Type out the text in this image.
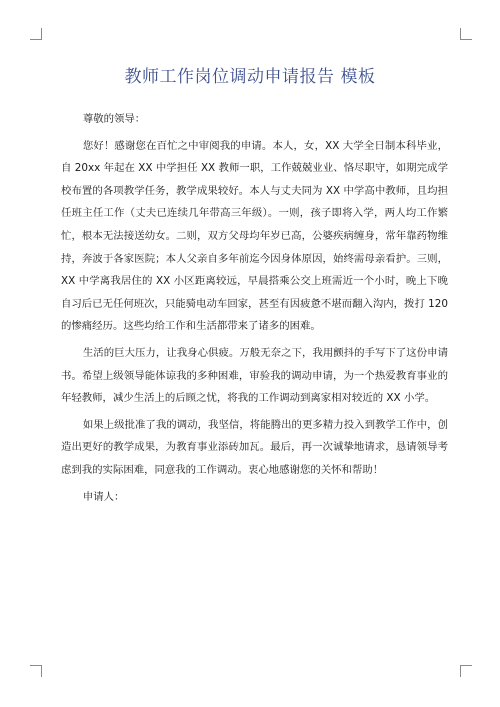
教师工作岗位调动申请报告 模板

尊敬的领导：

您好！感谢您在百忙之中审阅我的申请。本人，女，XX 大学全日制本科毕业，自 20xx 年起在 XX 中学担任 XX 教师一职，工作兢兢业业、恪尽职守，如期完成学校布置的各项教学任务，教学成果较好。本人与丈夫同为 XX 中学高中教师，且均担任班主任工作（丈夫已连续几年带高三年级）。一则，孩子即将入学，两人均工作繁忙，根本无法接送幼女。二则，双方父母均年岁已高，公婆疾病缠身，常年靠药物维持，奔波于各家医院；本人父亲自多年前迄今因身体原因，始终需母亲看护。三则，XX 中学离我居住的 XX 小区距离较远，早晨搭乘公交上班需近一个小时，晚上下晚自习后已无任何班次，只能骑电动车回家，甚至有因疲惫不堪而翻入沟内，拨打 120 的惨痛经历。这些均给工作和生活都带来了诸多的困难。

生活的巨大压力，让我身心俱疲。万般无奈之下，我用颤抖的手写下了这份申请书。希望上级领导能体谅我的多种困难，审验我的调动申请，为一个热爱教育事业的年轻教师，减少生活上的后顾之忧，将我的工作调动到离家相对较近的 XX 小学。

如果上级批准了我的调动，我坚信，将能腾出的更多精力投入到教学工作中，创造出更好的教学成果，为教育事业添砖加瓦。最后，再一次诚挚地请求，恳请领导考虑到我的实际困难，同意我的工作调动。衷心地感谢您的关怀和帮助！

申请人：
